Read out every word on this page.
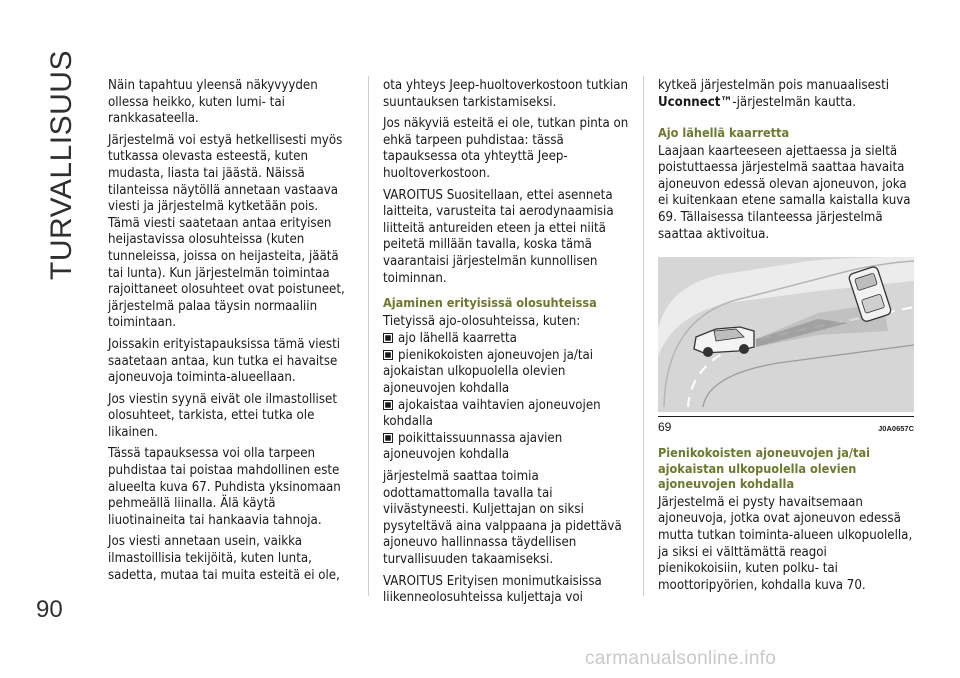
TURVALLISUUS
90

Näin tapahtuu yleensä näkyvyyden ollessa heikko, kuten lumi- tai rankkasateella.

Järjestelmä voi estyä hetkellisesti myös tutkassa olevasta esteestä, kuten mudasta, liasta tai jäästä. Näissä tilanteissa näytöllä annetaan vastaava viesti ja järjestelmä kytketään pois. Tämä viesti saatetaan antaa erityisen heijastavissa olosuhteissa (kuten tunneleissa, joissa on heijasteita, jäätä tai lunta). Kun järjestelmän toimintaa rajoittaneet olosuhteet ovat poistuneet, järjestelmä palaa täysin normaaliin toimintaan.

Joissakin erityistapauksissa tämä viesti saatetaan antaa, kun tutka ei havaitse ajoneuvoja toiminta-alueellaan.

Jos viestin syynä eivät ole ilmastolliset olosuhteet, tarkista, ettei tutka ole likainen.

Tässä tapauksessa voi olla tarpeen puhdistaa tai poistaa mahdollinen este alueelta kuva 67. Puhdista yksinomaan pehmeällä liinalla. Älä käytä liuotinaineita tai hankaavia tahnoja.

Jos viesti annetaan usein, vaikka ilmastoillisia tekijöitä, kuten lunta, sadetta, mutaa tai muita esteitä ei ole,

ota yhteys Jeep-huoltoverkostoon tutkian suuntauksen tarkistamiseksi.

Jos näkyviä esteitä ei ole, tutkan pinta on ehkä tarpeen puhdistaa: tässä tapauksessa ota yhteyttä Jeep-huoltoverkostoon.

VAROITUS Suositellaan, ettei asenneta laitteita, varusteita tai aerodynaamisia liitteitä antureiden eteen ja ettei niitä peitetä millään tavalla, koska tämä vaarantaisi järjestelmän kunnollisen toiminnan.

Ajaminen erityisissä olosuhteissa

Tietyissä ajo-olosuhteissa, kuten:

ajo lähellä kaarretta

pienikokoisten ajoneuvojen ja/tai ajokaistan ulkopuolella olevien ajoneuvojen kohdalla

ajokaistaa vaihtavien ajoneuvojen kohdalla

poikittaissuunnassa ajavien ajoneuvojen kohdalla

järjestelmä saattaa toimia odottamattomalla tavalla tai viivästyneesti. Kuljettajan on siksi pysyteltävä aina valppaana ja pidettävä ajoneuvo hallinnassa täydellisen turvallisuuden takaamiseksi.

VAROITUS Erityisen monimutkaisissa liikenneolosuhteissa kuljettaja voi

kytkeä järjestelmän pois manuaalisesti Uconnect™-järjestelmän kautta.

Ajo lähellä kaarretta

Laajaan kaarteeseen ajettaessa ja sieltä poistuttaessa järjestelmä saattaa havaita ajoneuvon edessä olevan ajoneuvon, joka ei kuitenkaan etene samalla kaistalla kuva 69. Tällaisessa tilanteessa järjestelmä saattaa aktivoitua.

69	J0A0657C
Pienikokoisten ajoneuvojen ja/tai ajokaistan ulkopuolella olevien ajoneuvojen kohdalla

Järjestelmä ei pysty havaitsemaan ajoneuvoja, jotka ovat ajoneuvon edessä mutta tutkan toiminta-alueen ulkopuolella, ja siksi ei välttämättä reagoi pienikokoisiin, kuten polku- tai moottoripyörien, kohdalla kuva 70.

carmanualsonline.info
